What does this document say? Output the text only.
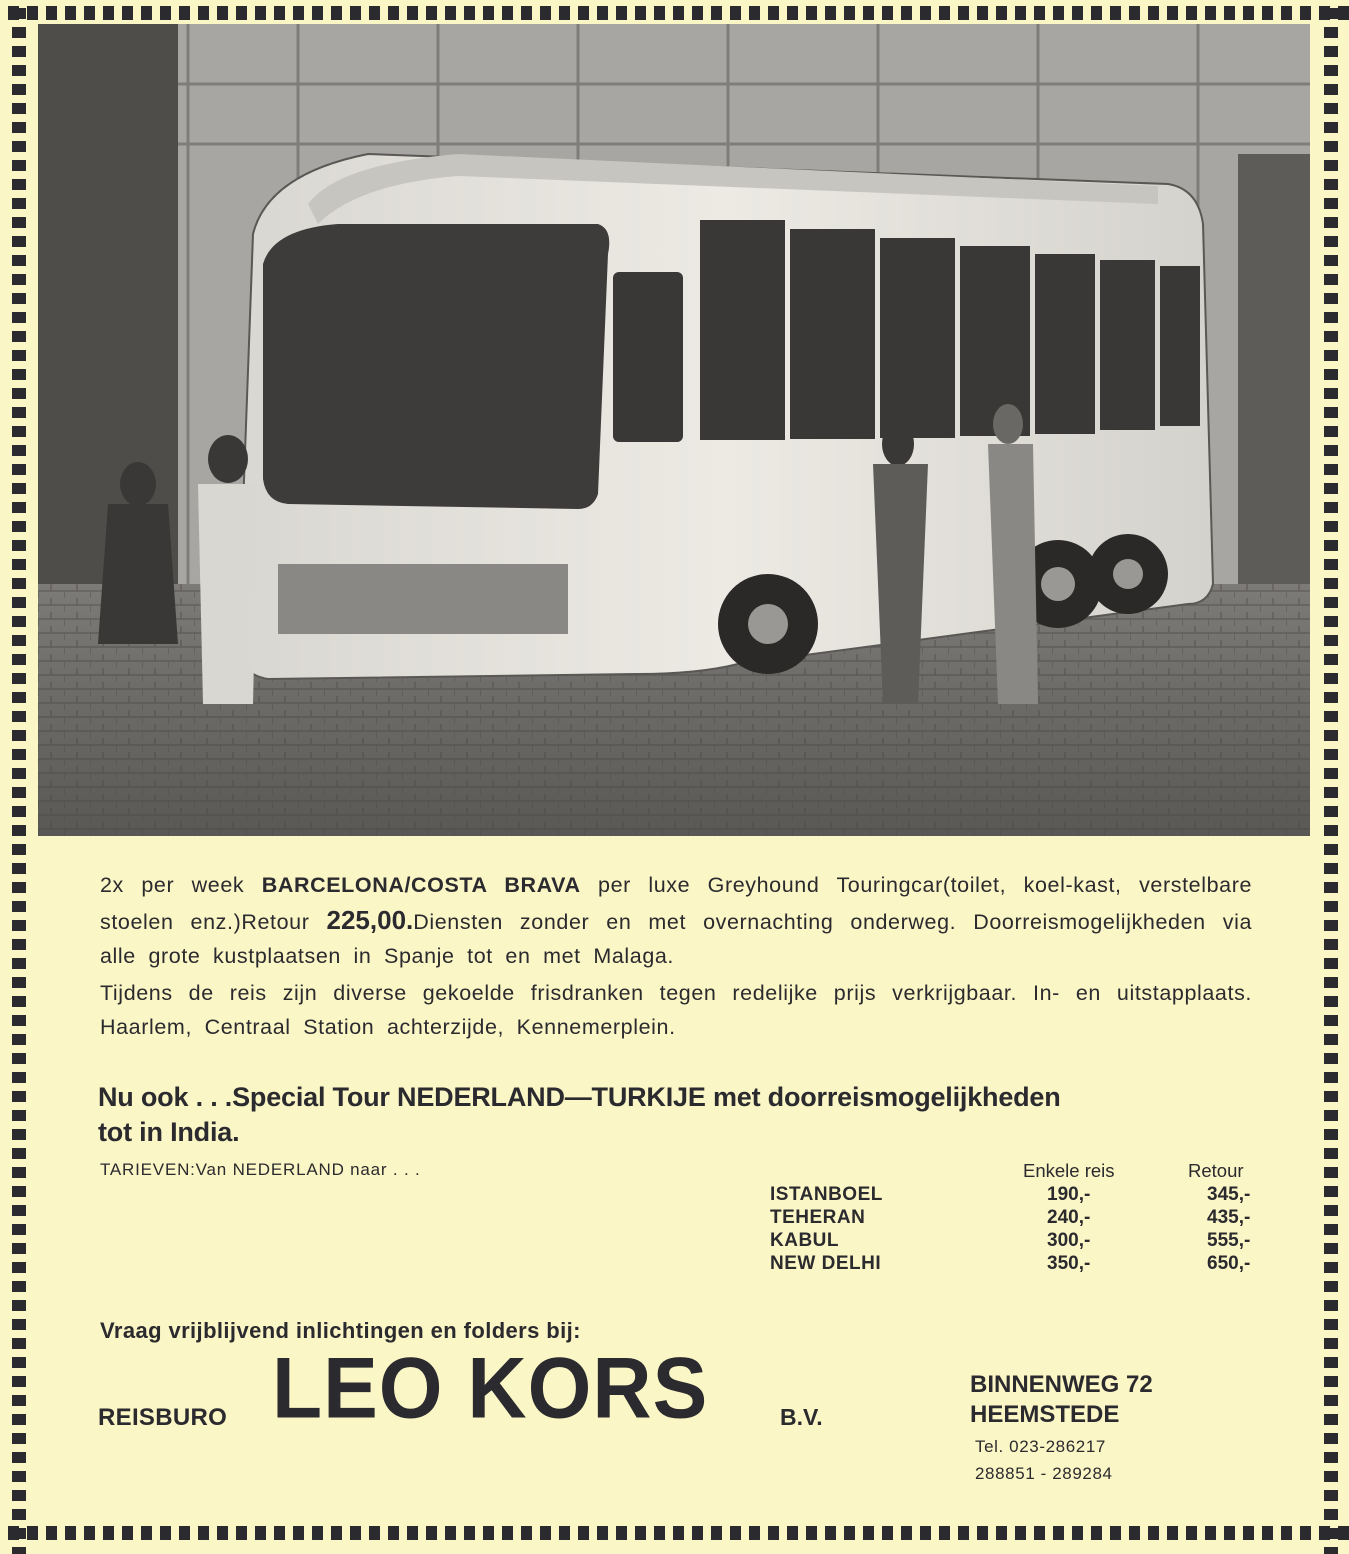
2x per week BARCELONA/COSTA BRAVA per luxe Greyhound Touringcar(toilet, koel-kast, verstelbare stoelen enz.)Retour 225,00.Diensten zonder en met overnachting onderweg. Doorreismogelijkheden via alle grote kustplaatsen in Spanje tot en met Malaga.

Tijdens de reis zijn diverse gekoelde frisdranken tegen redelijke prijs verkrijgbaar. In- en uitstapplaats. Haarlem, Centraal Station achterzijde, Kennemerplein.

Nu ook . . .Special Tour NEDERLAND—TURKIJE met doorreismogelijkheden
tot in India.
TARIEVEN:Van NEDERLAND naar . . .	Enkele reis	Retour
ISTANBOEL	190,-	345,-
TEHERAN	240,-	435,-
KABUL	300,-	555,-
NEW DELHI	350,-	650,-
Vraag vrijblijvend inlichtingen en folders bij:
REISBURO LEO KORS	B.V.
BINNENWEG 72
HEEMSTEDE
Tel. 023-286217
288851 - 289284
